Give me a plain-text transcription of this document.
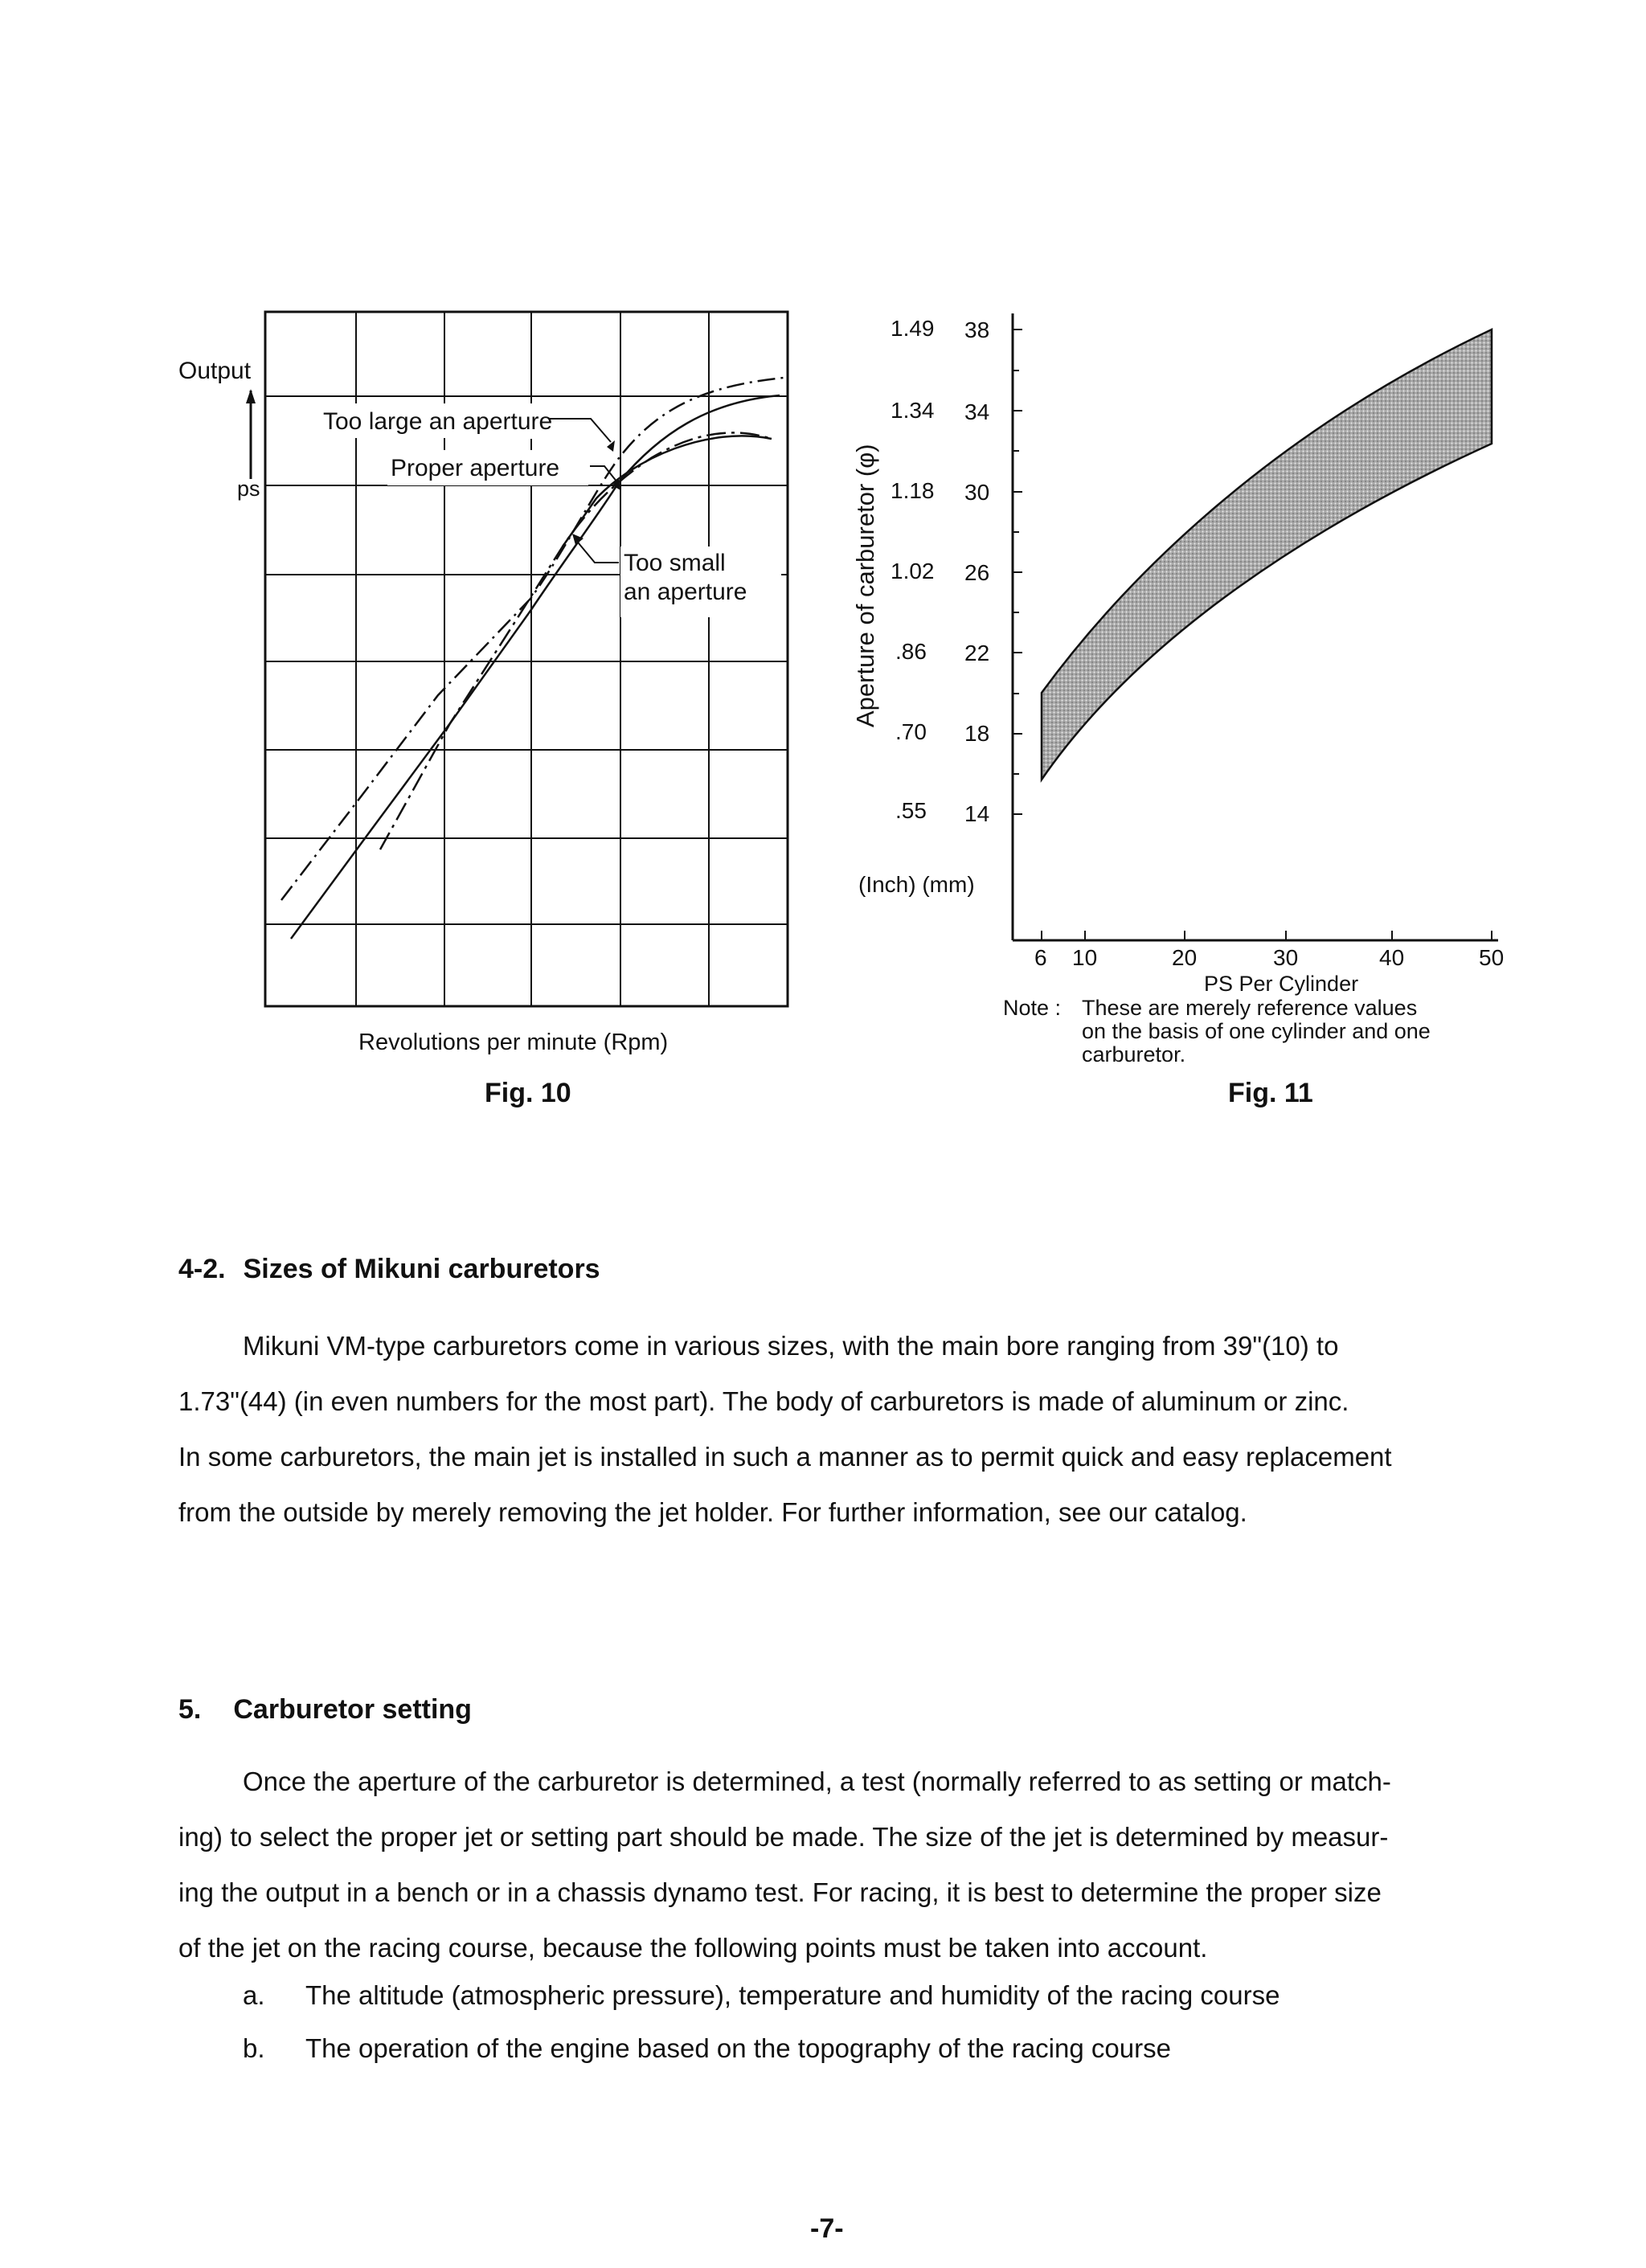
Output
ps
Too large an aperture
Proper aperture
Too small
an aperture
Revolutions per minute (Rpm)
Fig. 10
Aperture of carburetor (φ)
1.49
1.34
1.18
1.02
.86
.70
.55
38
34
30
26
22
18
14
(Inch) (mm)
6 10	20	30	40	50
PS Per Cylinder
Note : These are merely reference values
on the basis of one cylinder and one
carburetor.
Fig. 11
4-2. Sizes of Mikuni carburetors
Mikuni VM-type carburetors come in various sizes, with the main bore ranging from 39"(10) to
1.73"(44) (in even numbers for the most part). The body of carburetors is made of aluminum or zinc.
In some carburetors, the main jet is installed in such a manner as to permit quick and easy replacement
from the outside by merely removing the jet holder. For further information, see our catalog.
5. Carburetor setting
Once the aperture of the carburetor is determined, a test (normally referred to as setting or match-
ing) to select the proper jet or setting part should be made. The size of the jet is determined by measur-
ing the output in a bench or in a chassis dynamo test. For racing, it is best to determine the proper size
of the jet on the racing course, because the following points must be taken into account.
a. The altitude (atmospheric pressure), temperature and humidity of the racing course
b. The operation of the engine based on the topography of the racing course
-7-
